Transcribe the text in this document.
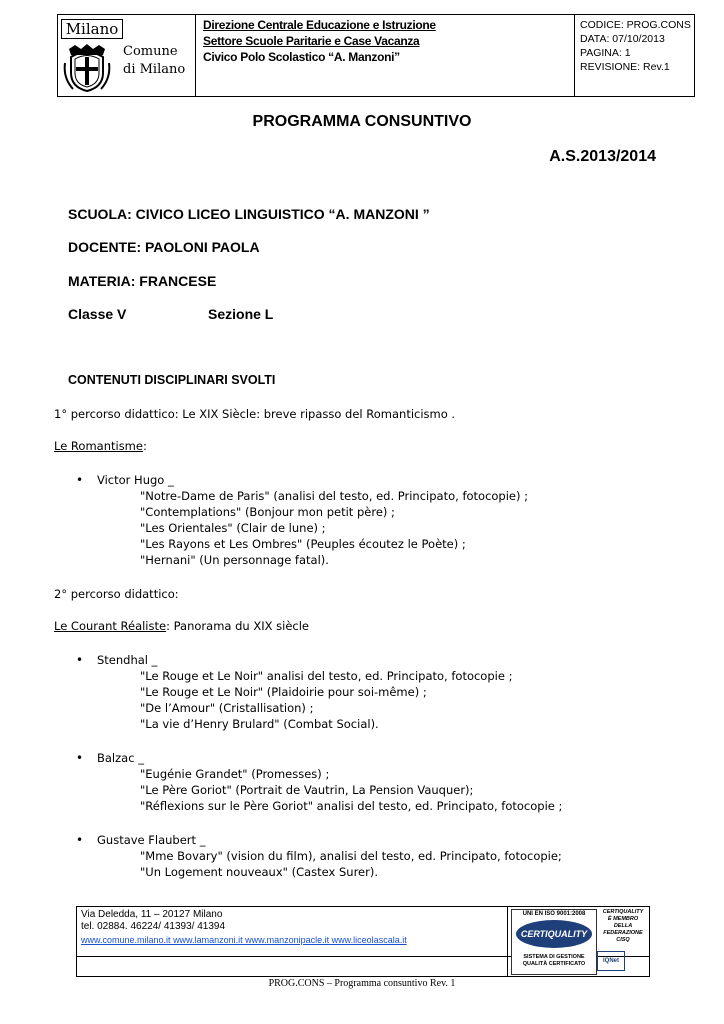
Milano
Comune
di Milano
Direzione Centrale Educazione e Istruzione
Settore Scuole Paritarie e Case Vacanza
Civico Polo Scolastico “A. Manzoni”
CODICE: PROG.CONS
DATA: 07/10/2013
PAGINA: 1
REVISIONE: Rev.1
PROGRAMMA CONSUNTIVO
A.S.2013/2014
SCUOLA: CIVICO LICEO LINGUISTICO “A. MANZONI ”
DOCENTE: PAOLONI PAOLA
MATERIA: FRANCESE
Classe V	Sezione L
CONTENUTI DISCIPLINARI SVOLTI
1° percorso didattico: Le XIX Siècle: breve ripasso del Romanticismo .
Le Romantisme:
• Victor Hugo _
"Notre-Dame de Paris" (analisi del testo, ed. Principato, fotocopie) ;
"Contemplations" (Bonjour mon petit père) ;
"Les Orientales" (Clair de lune) ;
"Les Rayons et Les Ombres" (Peuples écoutez le Poète) ;
"Hernani" (Un personnage fatal).
2° percorso didattico:
Le Courant Réaliste: Panorama du XIX siècle
• Stendhal _
"Le Rouge et Le Noir" analisi del testo, ed. Principato, fotocopie ;
"Le Rouge et Le Noir" (Plaidoirie pour soi-même) ;
"De l’Amour" (Cristallisation) ;
"La vie d’Henry Brulard" (Combat Social).
• Balzac _
"Eugénie Grandet" (Promesses) ;
"Le Père Goriot" (Portrait de Vautrin, La Pension Vauquer);
"Réflexions sur le Père Goriot" analisi del testo, ed. Principato, fotocopie ;
• Gustave Flaubert _
"Mme Bovary" (vision du film), analisi del testo, ed. Principato, fotocopie;
"Un Logement nouveaux" (Castex Surer).
Via Deledda, 11 – 20127 Milano
tel. 02884. 46224/ 41393/ 41394
www.comune.milano.it www.lamanzoni.it www.manzonipacle.it www.liceolascala.it
UNI EN ISO 9001:2008
CERTIQUALITY
SISTEMA DI GESTIONE
QUALITÀ CERTIFICATO
CERTIQUALITY
È MEMBRO DELLA
FEDERAZIONE CISQ
IQNet
PROG.CONS – Programma consuntivo Rev. 1
